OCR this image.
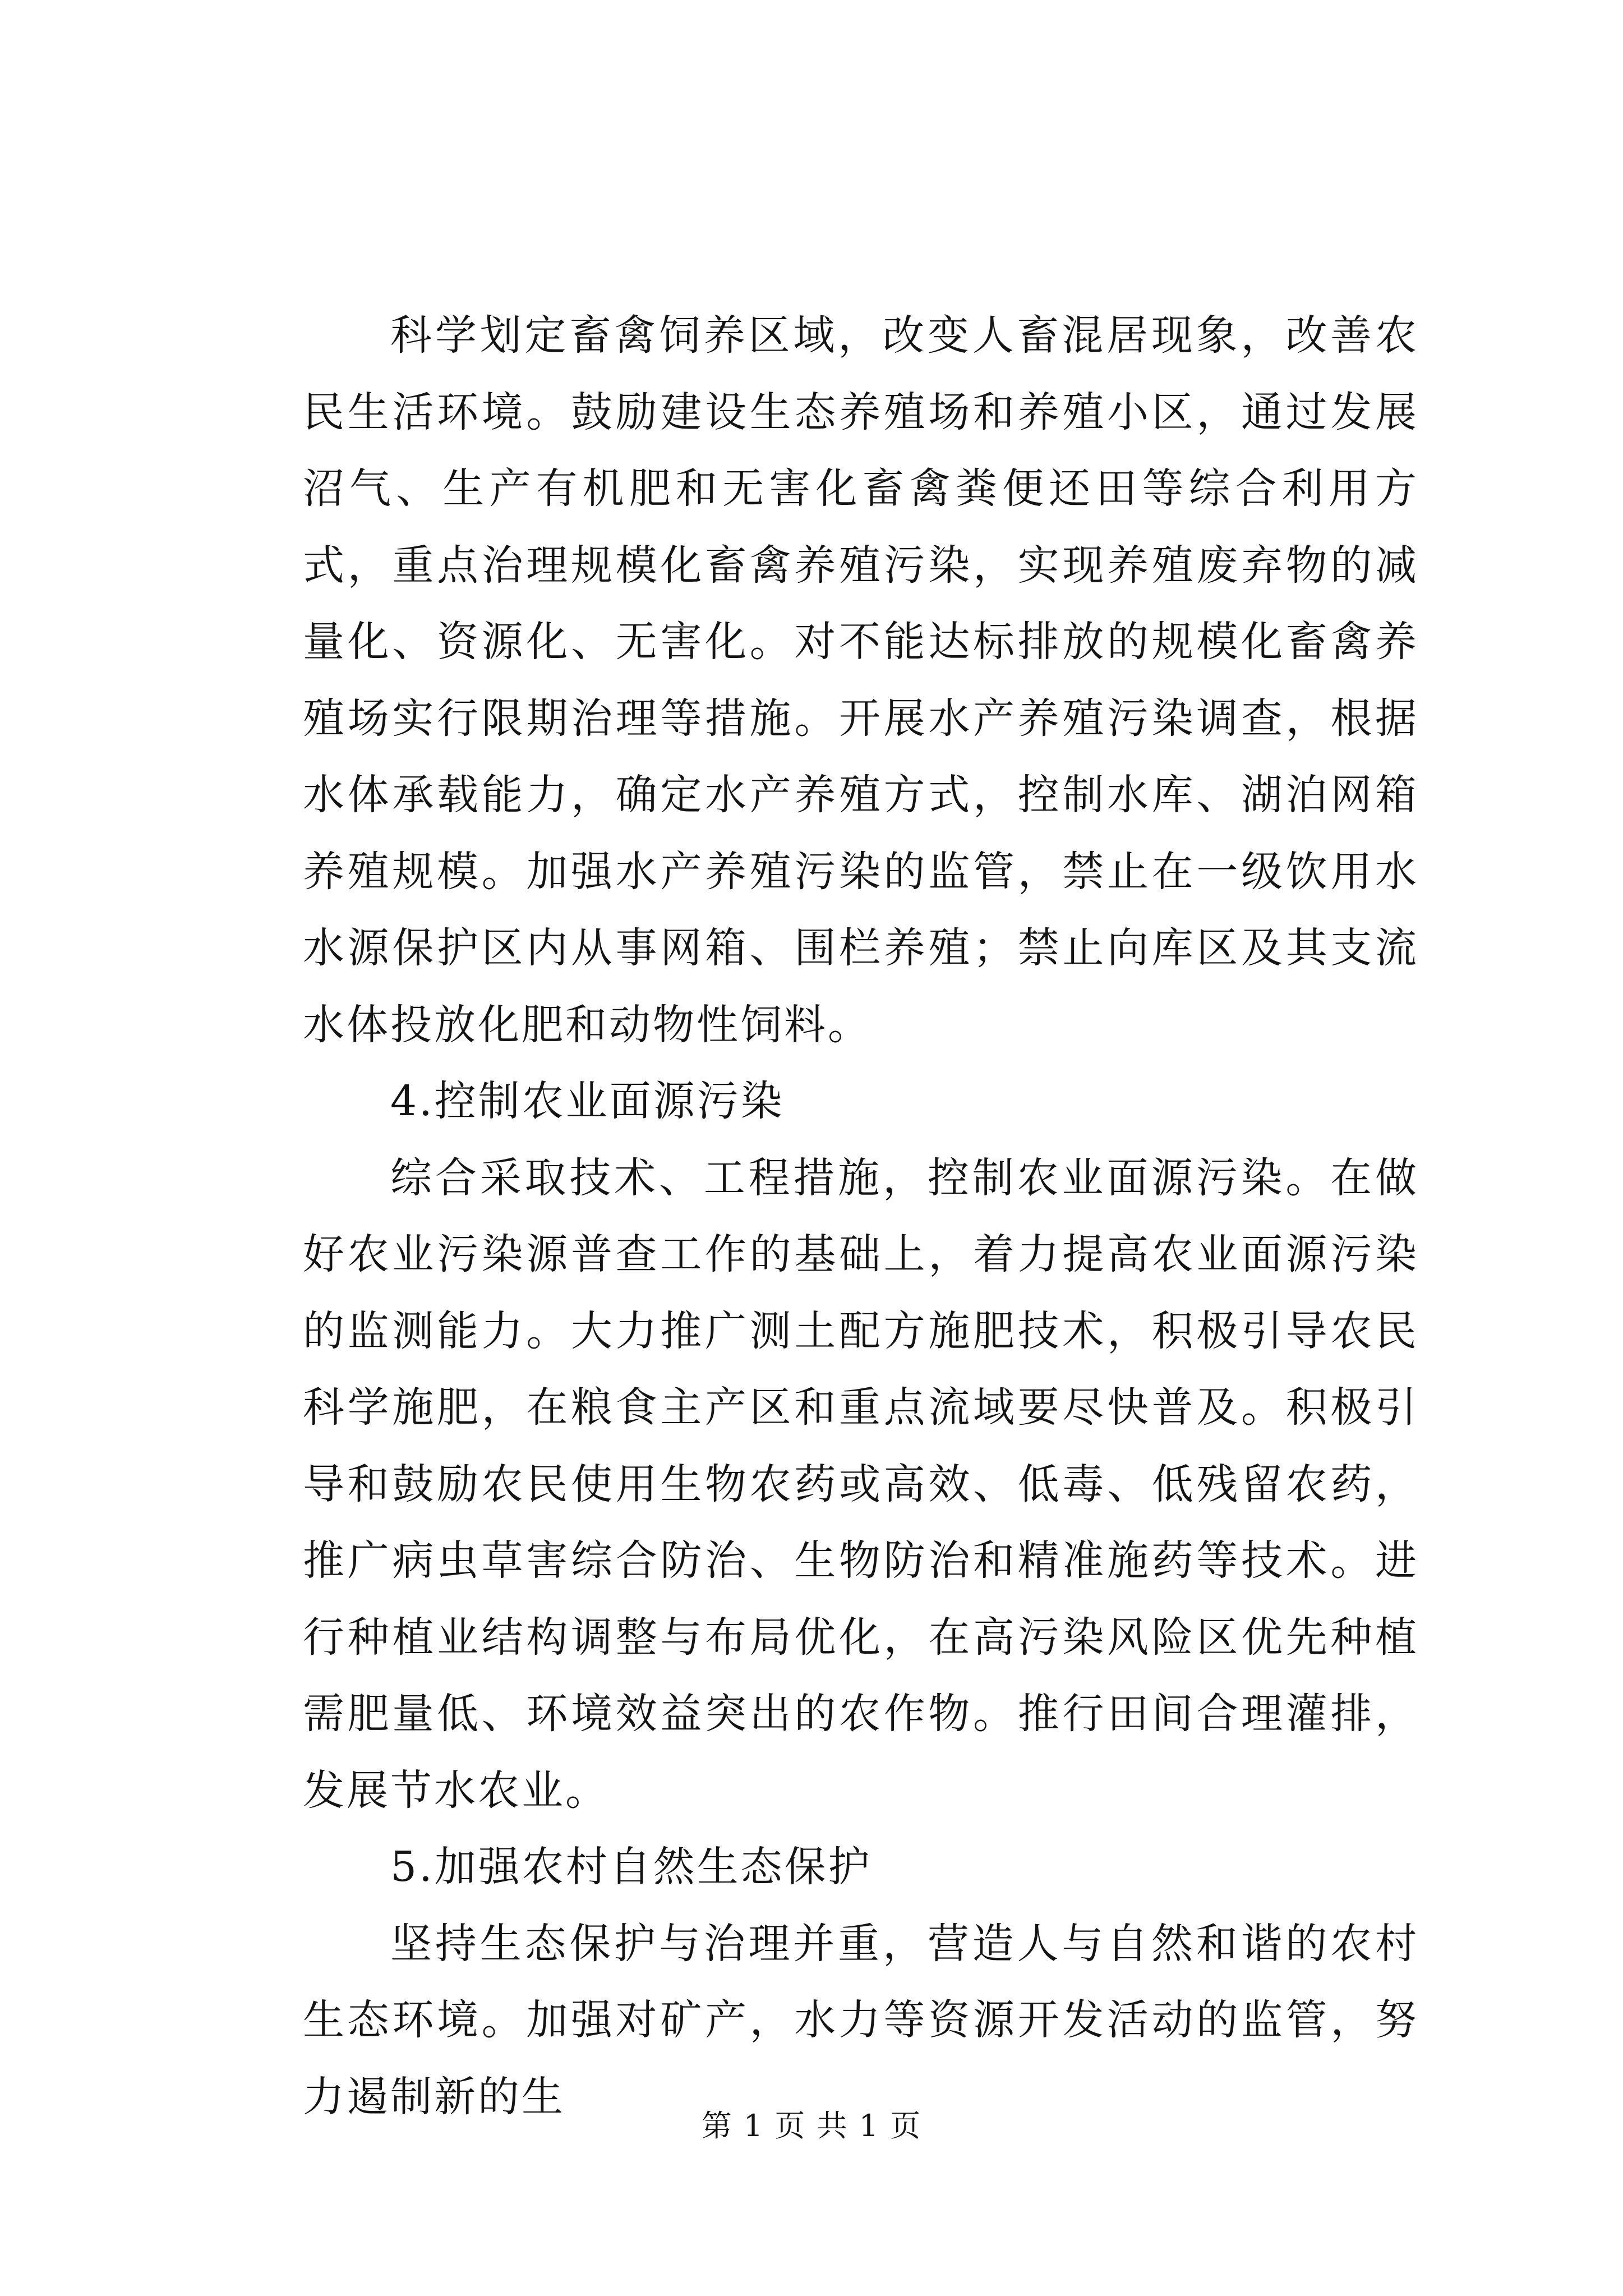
科学划定畜禽饲养区域，改变人畜混居现象，改善农民生活环境。鼓励建设生态养殖场和养殖小区，通过发展沼气、生产有机肥和无害化畜禽粪便还田等综合利用方式，重点治理规模化畜禽养殖污染，实现养殖废弃物的减量化、资源化、无害化。对不能达标排放的规模化畜禽养殖场实行限期治理等措施。开展水产养殖污染调查，根据水体承载能力，确定水产养殖方式，控制水库、湖泊网箱养殖规模。加强水产养殖污染的监管，禁止在一级饮用水水源保护区内从事网箱、围栏养殖；禁止向库区及其支流水体投放化肥和动物性饲料。

4.控制农业面源污染

综合采取技术、工程措施，控制农业面源污染。在做好农业污染源普查工作的基础上，着力提高农业面源污染的监测能力。大力推广测土配方施肥技术，积极引导农民科学施肥，在粮食主产区和重点流域要尽快普及。积极引导和鼓励农民使用生物农药或高效、低毒、低残留农药，推广病虫草害综合防治、生物防治和精准施药等技术。进行种植业结构调整与布局优化，在高污染风险区优先种植需肥量低、环境效益突出的农作物。推行田间合理灌排，发展节水农业。

5.加强农村自然生态保护

坚持生态保护与治理并重，营造人与自然和谐的农村生态环境。加强对矿产，水力等资源开发活动的监管，努力遏制新的生

第 1 页 共 1 页
